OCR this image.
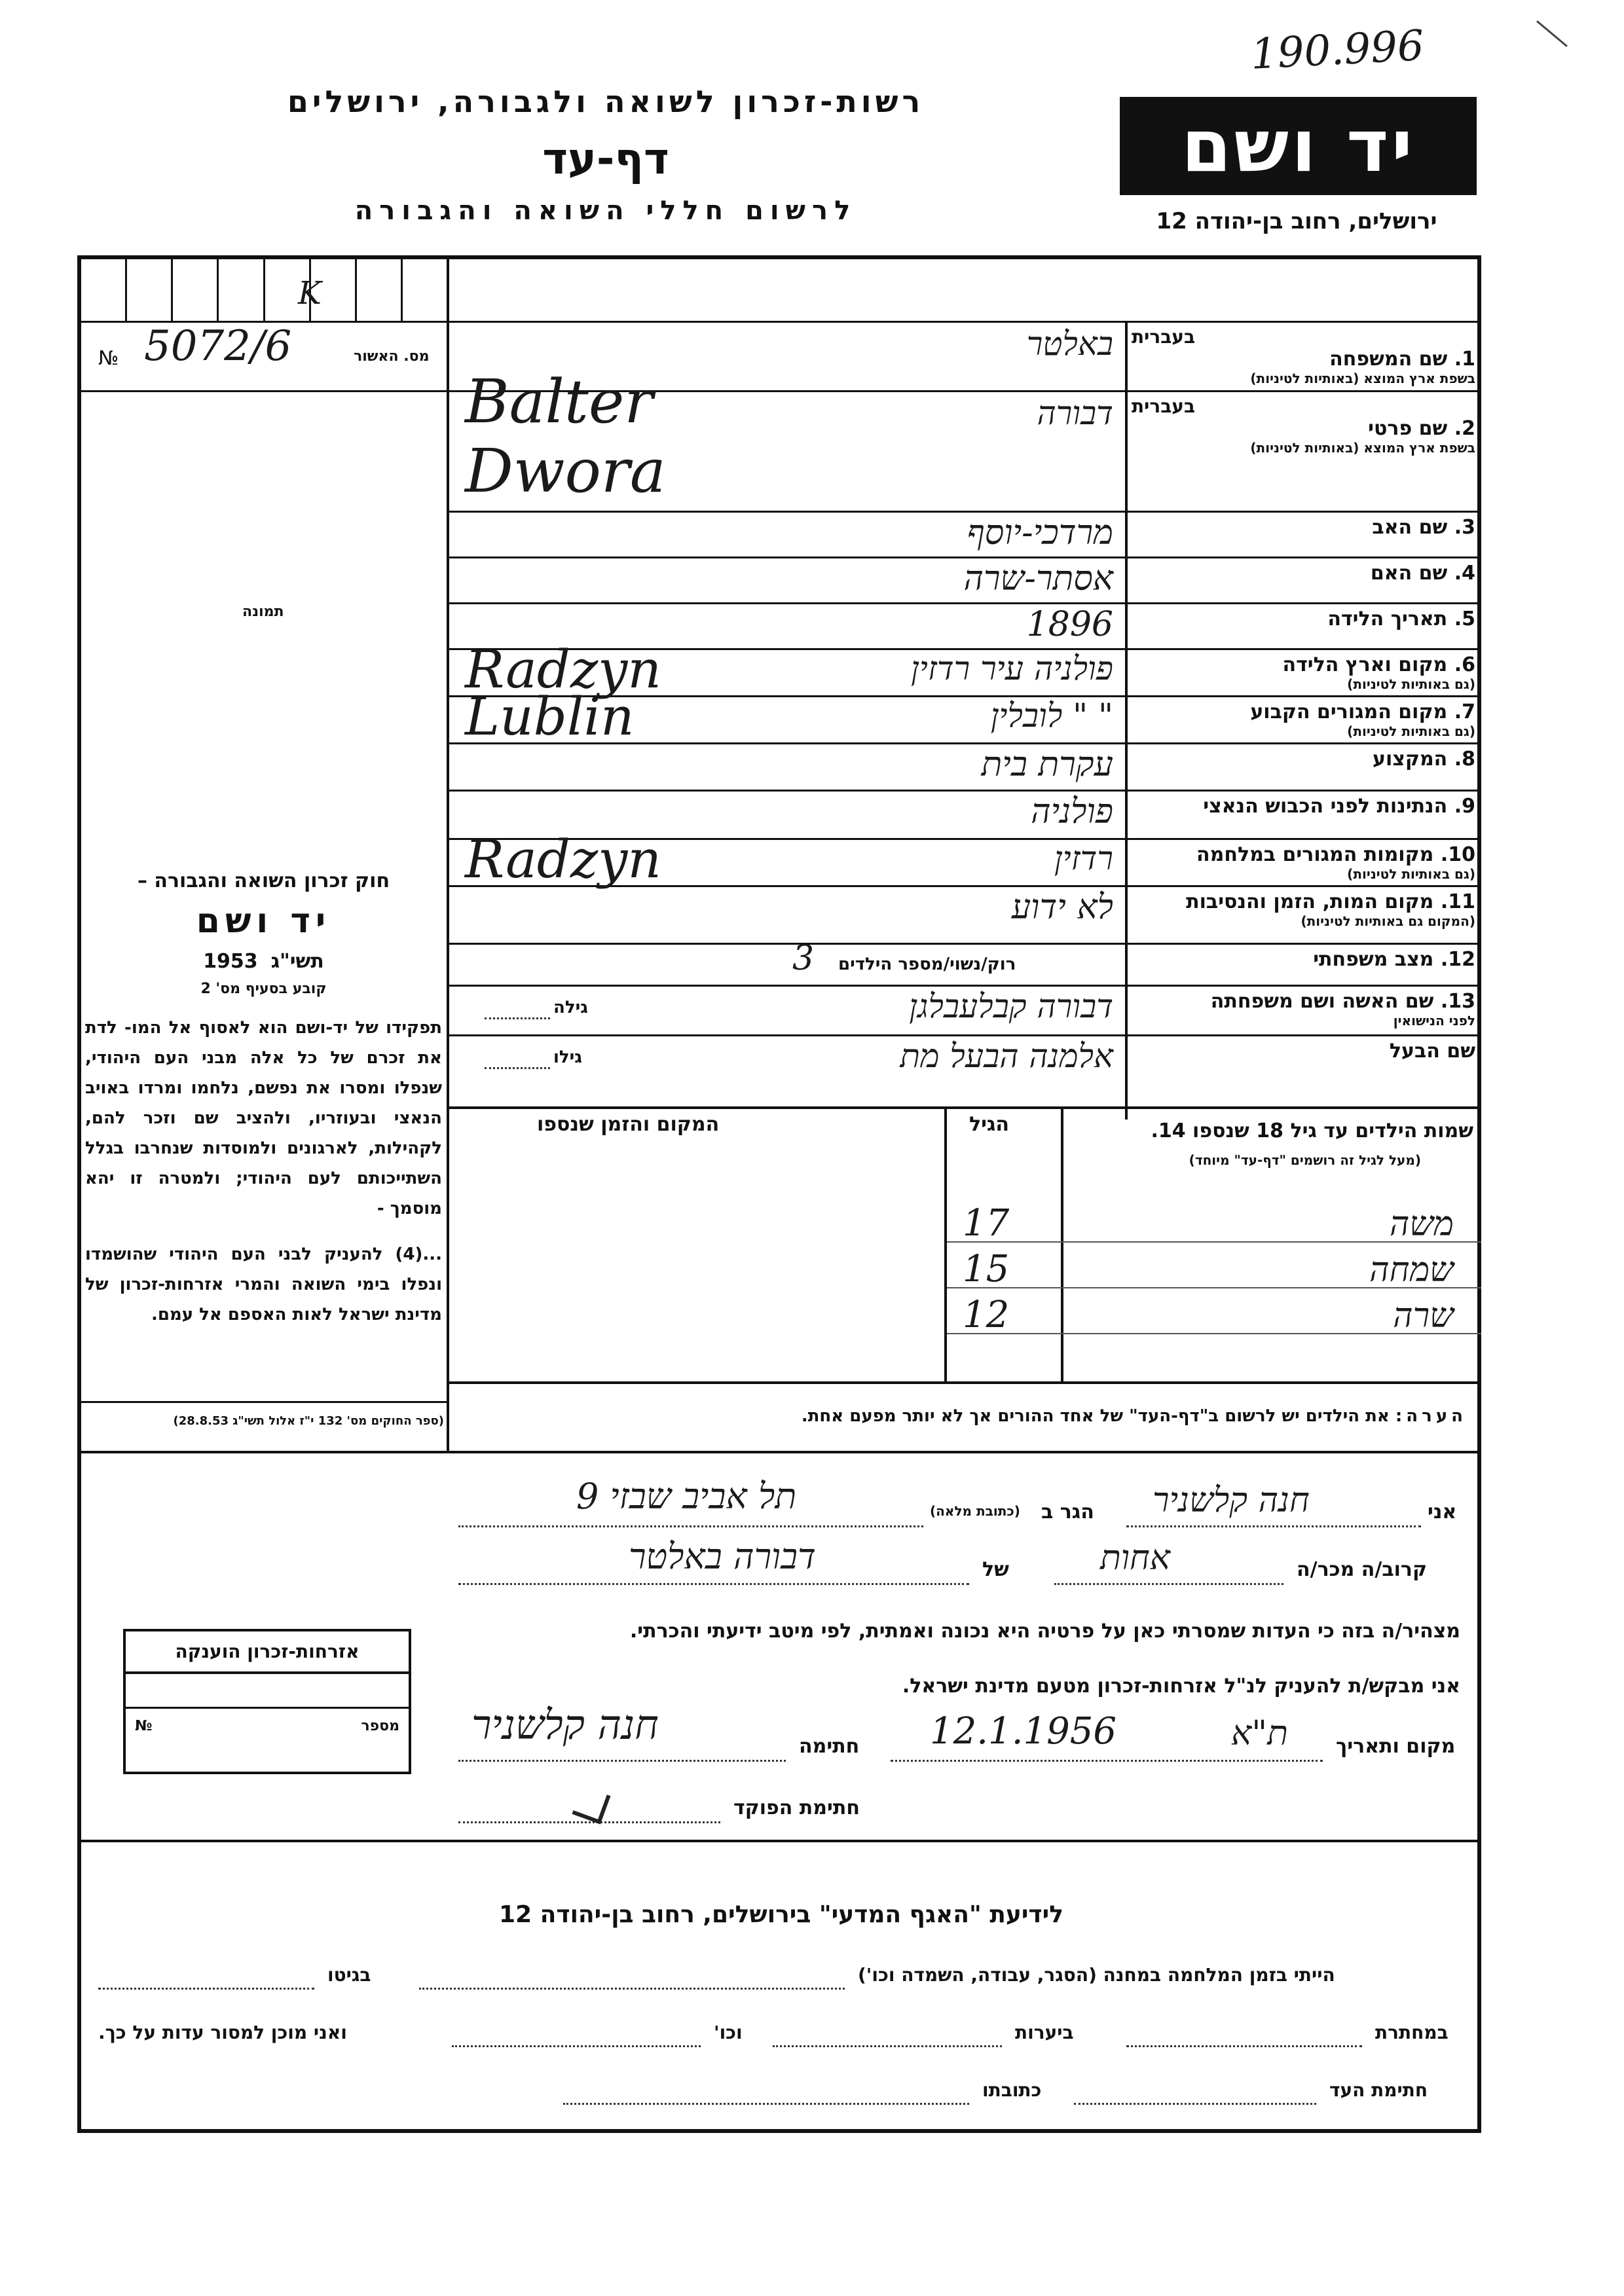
190.996
רשות-זכרון לשואה ולגבורה, ירושלים
דף-עד
לרשום חללי השואה והגבורה
יד ושם
ירושלים, רחוב בן-יהודה 12
מס. האשור
№ 5072/6
K
תמונה
חוק זכרון השואה והגבורה –
יד ושם
1953 תשי"ג
קובע בסעיף מס' 2
תפקידו של יד-ושם הוא לאסוף אל המו- לדת את זכרם של כל אלה מבני העם היהודי, שנפלו ומסרו את נפשם, נלחמו ומרדו באויב הנאצי ובעוזריו, ולהציב שם וזכר להם, לקהילות, לארגונים ולמוסדות שנחרבו בגלל השתייכותם לעם היהודי; ולמטרה זו יהא מוסמך -
...(4) להעניק לבני העם היהודי שהושמדו ונפלו בימי השואה והמרי אזרחות-זכרון של מדינת ישראל לאות האספם אל עמם.
(ספר החוקים מס' 132 י"ז אלול תשי"ג 28.8.53)
בעברית
1. שם המשפחה
בשפת ארץ המוצא (באותיות לטיניות)
באלטר
Balter	בעברית
2. שם פרטי
בשפת ארץ המוצא (באותיות לטיניות)
דבורה
Dwora
3. שם האב
מרדכי-יוסף
4. שם האם
אסתר-שרה
5. תאריך הלידה
1896
6. מקום וארץ הלידה
(גם באותיות לטיניות)
פולניה עיר רדזין
Radzyn
7. מקום המגורים הקבוע
(גם באותיות לטיניות)
" " לובלין
Lublin
8. המקצוע
עקרת בית
9. הנתינות לפני הכבוש הנאצי
פולניה
10. מקומות המגורים במלחמה
(גם באותיות לטיניות)
רדזין
Radzyn
11. מקום המות, הזמן והנסיבות
(המקום גם באותיות לטיניות)
לא ידוע
12. מצב משפחתי
רוק/נשוי/מספר הילדים
3
13. שם האשה ושם משפחתה
לפני הנישואין
דבורה קבלעבלגן
גילה
שם הבעל
אלמנה הבעל מת
גילו
שמות הילדים עד גיל 18 שנספו 14.
(מעל לגיל זה רושמים "דף-עד" מיוחד)
הגיל
המקום והזמן שנספו
משה
17
שמחה
15
שרה
12
הערה: את הילדים יש לרשום ב"דף-העד" של אחד ההורים אך לא יותר מפעם אחת.
אני
חנה קלשניר
הגר ב
(כתובת מלאה)
תל אביב שבזי 9
קרוב/ה מכר/ה
אחות
של
דבורה באלטר
מצהיר/ה בזה כי העדות שמסרתי כאן על פרטיה היא נכונה ואמתית, לפי מיטב ידיעתי והכרתי.
אני מבקש/ת להעניק לנ"ל אזרחות-זכרון מטעם מדינת ישראל.
מקום ותאריך
ת"א
12.1.1956
חתימה
חנה קלשניר
חתימת הפוקד
אזרחות-זכרון הוענקה
№	מספר
לידיעת "האגף המדעי" בירושלים, רחוב בן-יהודה 12
הייתי בזמן המלחמה במחנה (הסגר, עבודה, השמדה וכו')
בגיטו
במחתרת
ביערות
וכו'
ואני מוכן למסור עדות על כך.
חתימת העד
כתובתו
